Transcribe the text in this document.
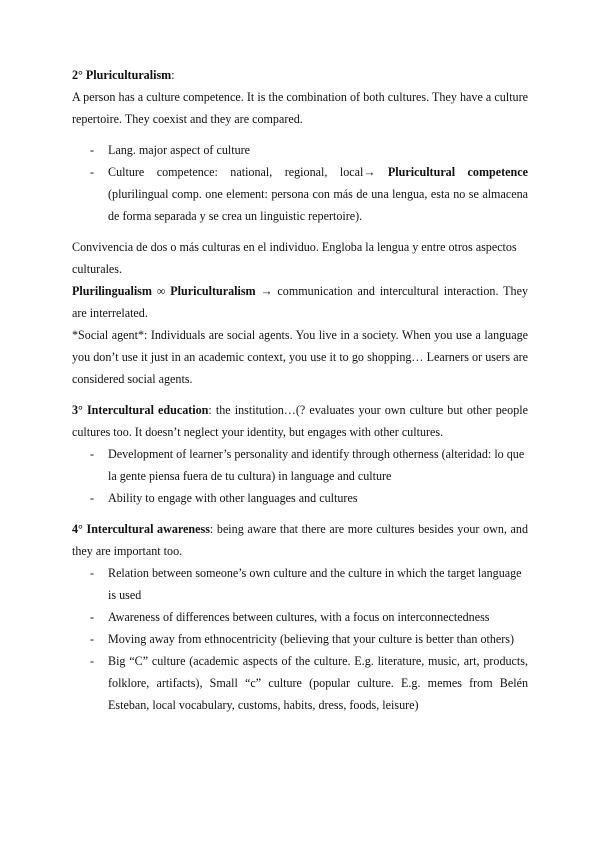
2° Pluriculturalism:

A person has a culture competence. It is the combination of both cultures. They have a culture repertoire. They coexist and they are compared.

- Lang. major aspect of culture
- Culture competence: national, regional, local→ Pluricultural competence (plurilingual comp. one element: persona con más de una lengua, esta no se almacena de forma separada y se crea un linguistic repertoire).

Convivencia de dos o más culturas en el individuo. Engloba la lengua y entre otros aspectos culturales.

Plurilingualism ∞ Pluriculturalism → communication and intercultural interaction. They are interrelated.

*Social agent*: Individuals are social agents. You live in a society. When you use a language you don’t use it just in an academic context, you use it to go shopping… Learners or users are considered social agents.

3° Intercultural education: the institution…(? evaluates your own culture but other people cultures too. It doesn’t neglect your identity, but engages with other cultures.

- Development of learner’s personality and identify through otherness (alteridad: lo que la gente piensa fuera de tu cultura) in language and culture
- Ability to engage with other languages and cultures

4° Intercultural awareness: being aware that there are more cultures besides your own, and they are important too.

- Relation between someone’s own culture and the culture in which the target language is used
- Awareness of differences between cultures, with a focus on interconnectedness
- Moving away from ethnocentricity (believing that your culture is better than others)
- Big “C” culture (academic aspects of the culture. E.g. literature, music, art, products, folklore, artifacts), Small “c” culture (popular culture. E.g. memes from Belén Esteban, local vocabulary, customs, habits, dress, foods, leisure)
